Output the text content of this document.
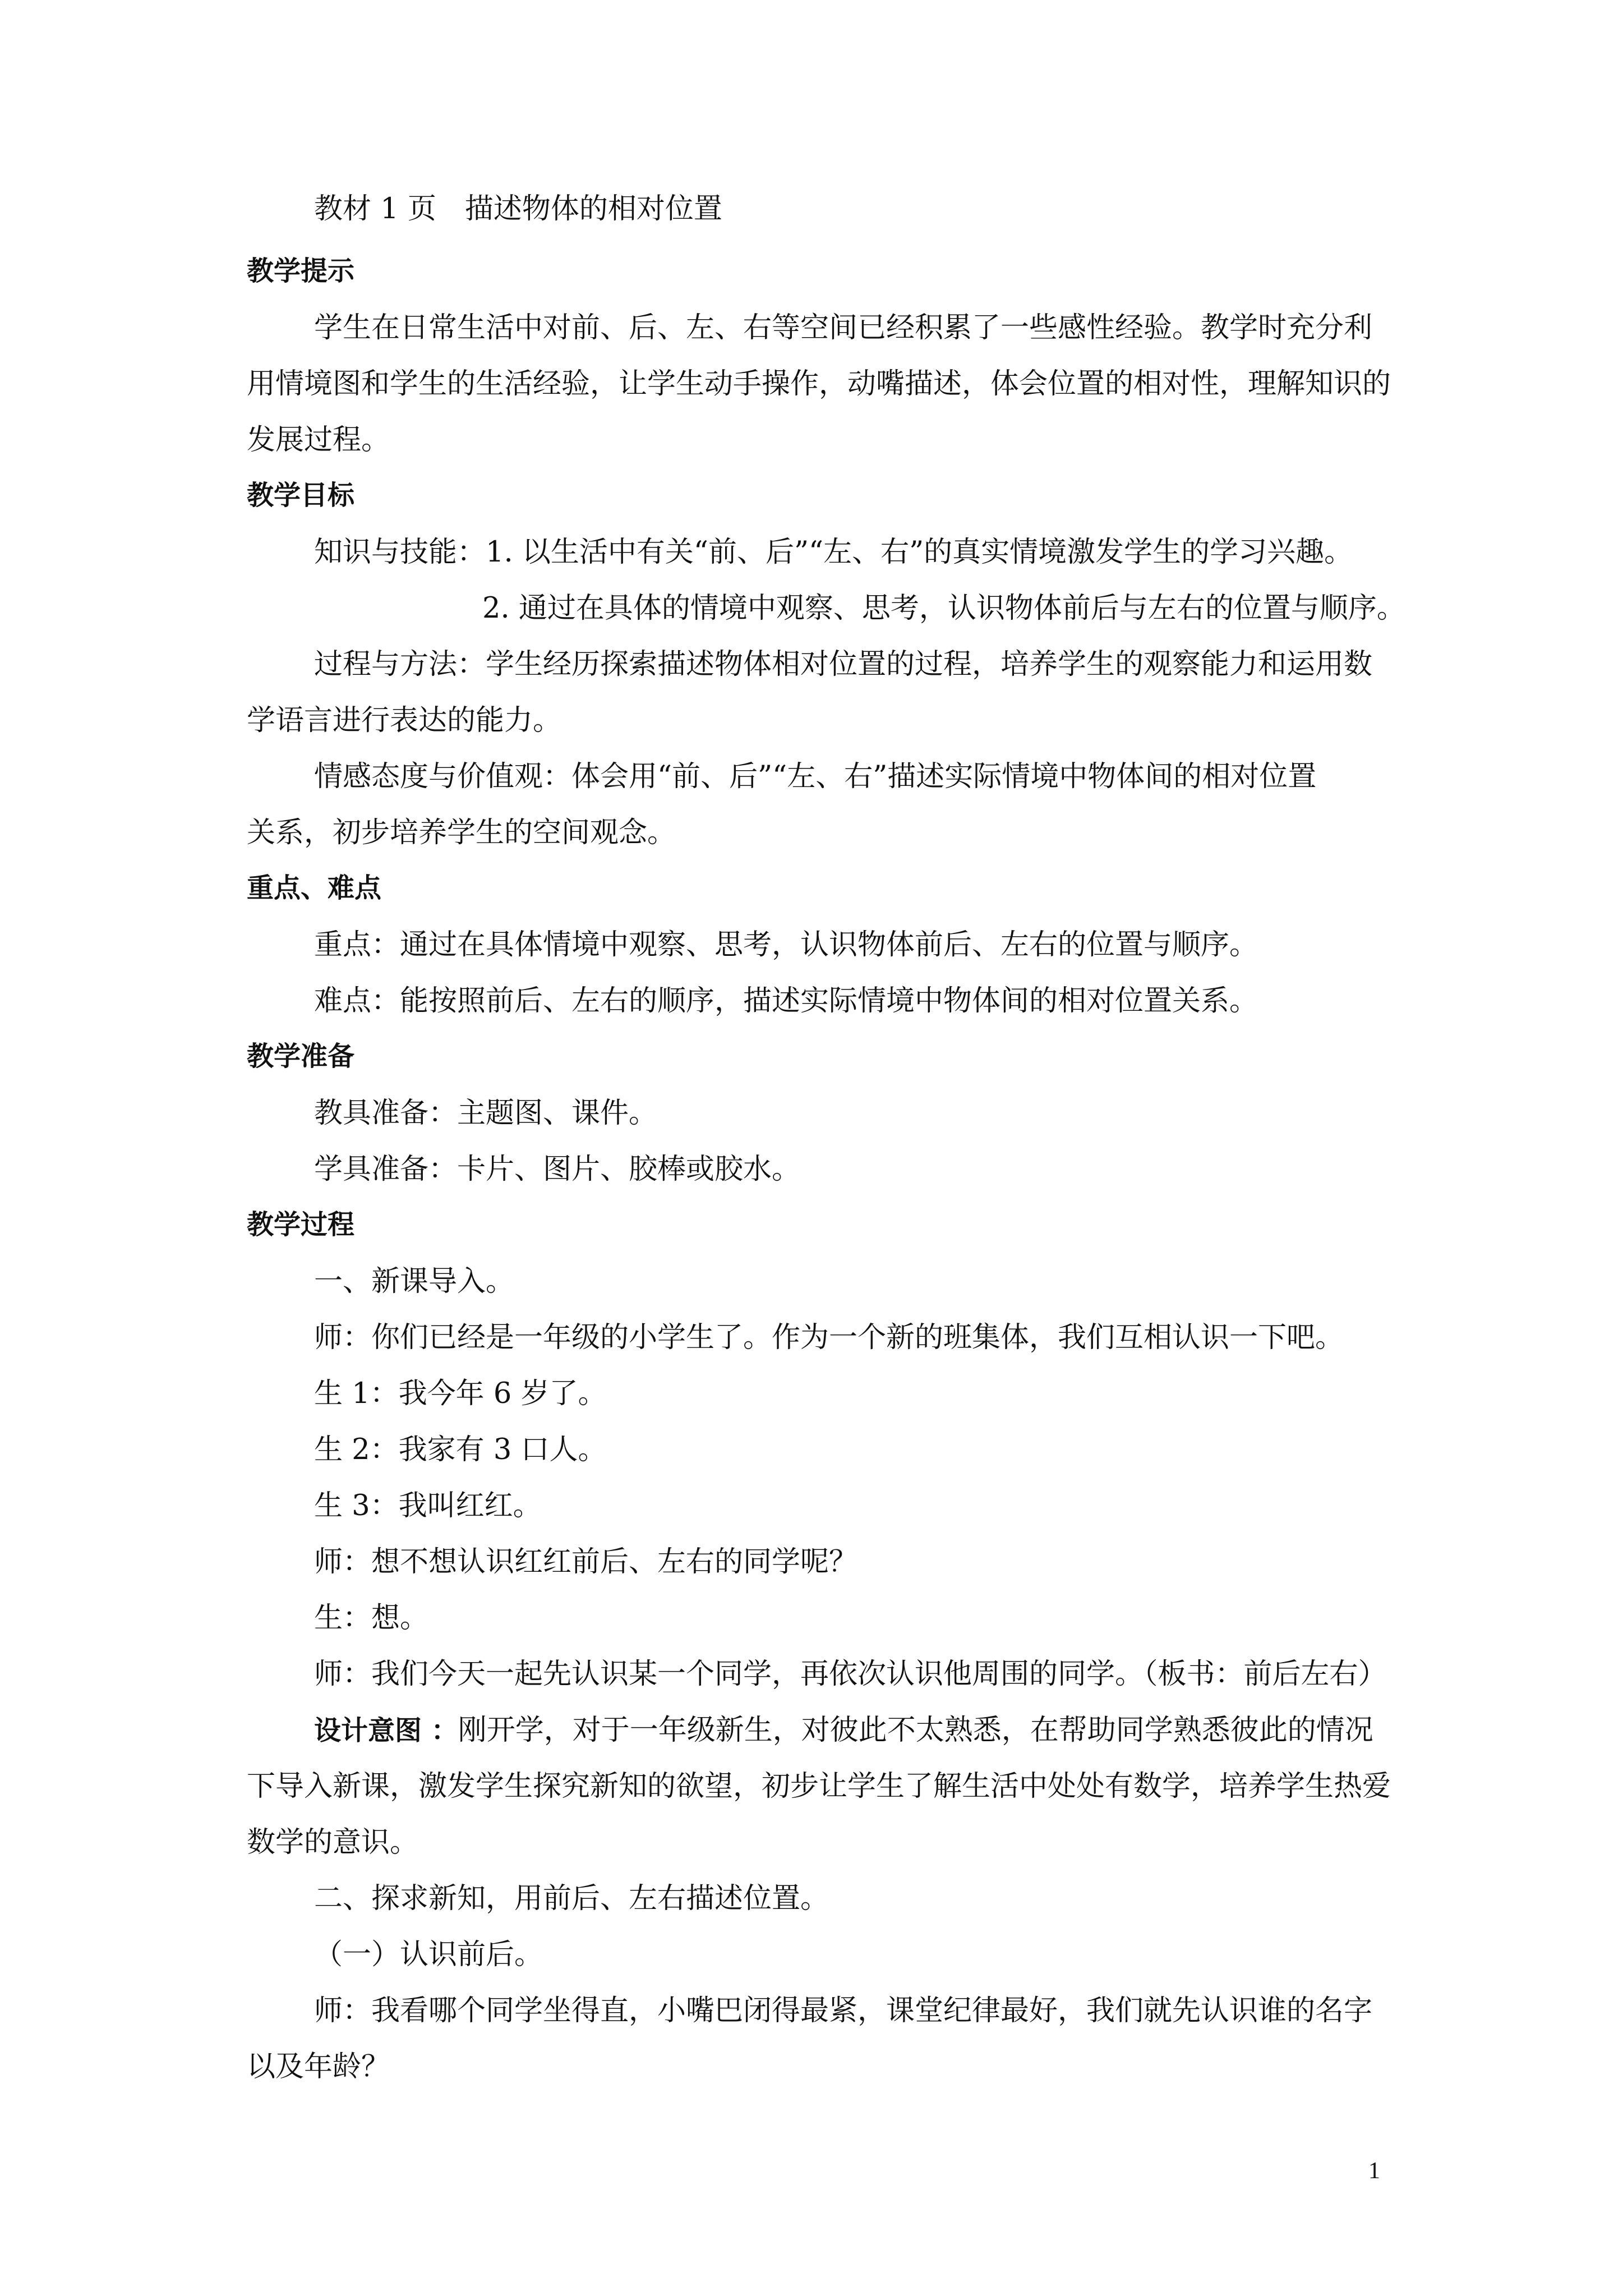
教材 1 页　描述物体的相对位置

教学提示

学生在日常生活中对前、后、左、右等空间已经积累了一些感性经验。教学时充分利

用情境图和学生的生活经验，让学生动手操作，动嘴描述，体会位置的相对性，理解知识的

发展过程。

教学目标

知识与技能：1. 以生活中有关“前、后”“左、右”的真实情境激发学生的学习兴趣。

2. 通过在具体的情境中观察、思考，认识物体前后与左右的位置与顺序。

过程与方法：学生经历探索描述物体相对位置的过程，培养学生的观察能力和运用数

学语言进行表达的能力。

情感态度与价值观：体会用“前、后”“左、右”描述实际情境中物体间的相对位置

关系，初步培养学生的空间观念。

重点、难点

重点：通过在具体情境中观察、思考，认识物体前后、左右的位置与顺序。

难点：能按照前后、左右的顺序，描述实际情境中物体间的相对位置关系。

教学准备

教具准备：主题图、课件。

学具准备：卡片、图片、胶棒或胶水。

教学过程

一、新课导入。

师：你们已经是一年级的小学生了。作为一个新的班集体，我们互相认识一下吧。

生 1：我今年 6 岁了。

生 2：我家有 3 口人。

生 3：我叫红红。

师：想不想认识红红前后、左右的同学呢？

生：想。

师：我们今天一起先认识某一个同学，再依次认识他周围的同学。（板书：前后左右）

设计意图 ：刚开学，对于一年级新生，对彼此不太熟悉，在帮助同学熟悉彼此的情况

下导入新课，激发学生探究新知的欲望，初步让学生了解生活中处处有数学，培养学生热爱

数学的意识。

二、探求新知，用前后、左右描述位置。

（一）认识前后。

师：我看哪个同学坐得直，小嘴巴闭得最紧，课堂纪律最好，我们就先认识谁的名字

以及年龄？

1
